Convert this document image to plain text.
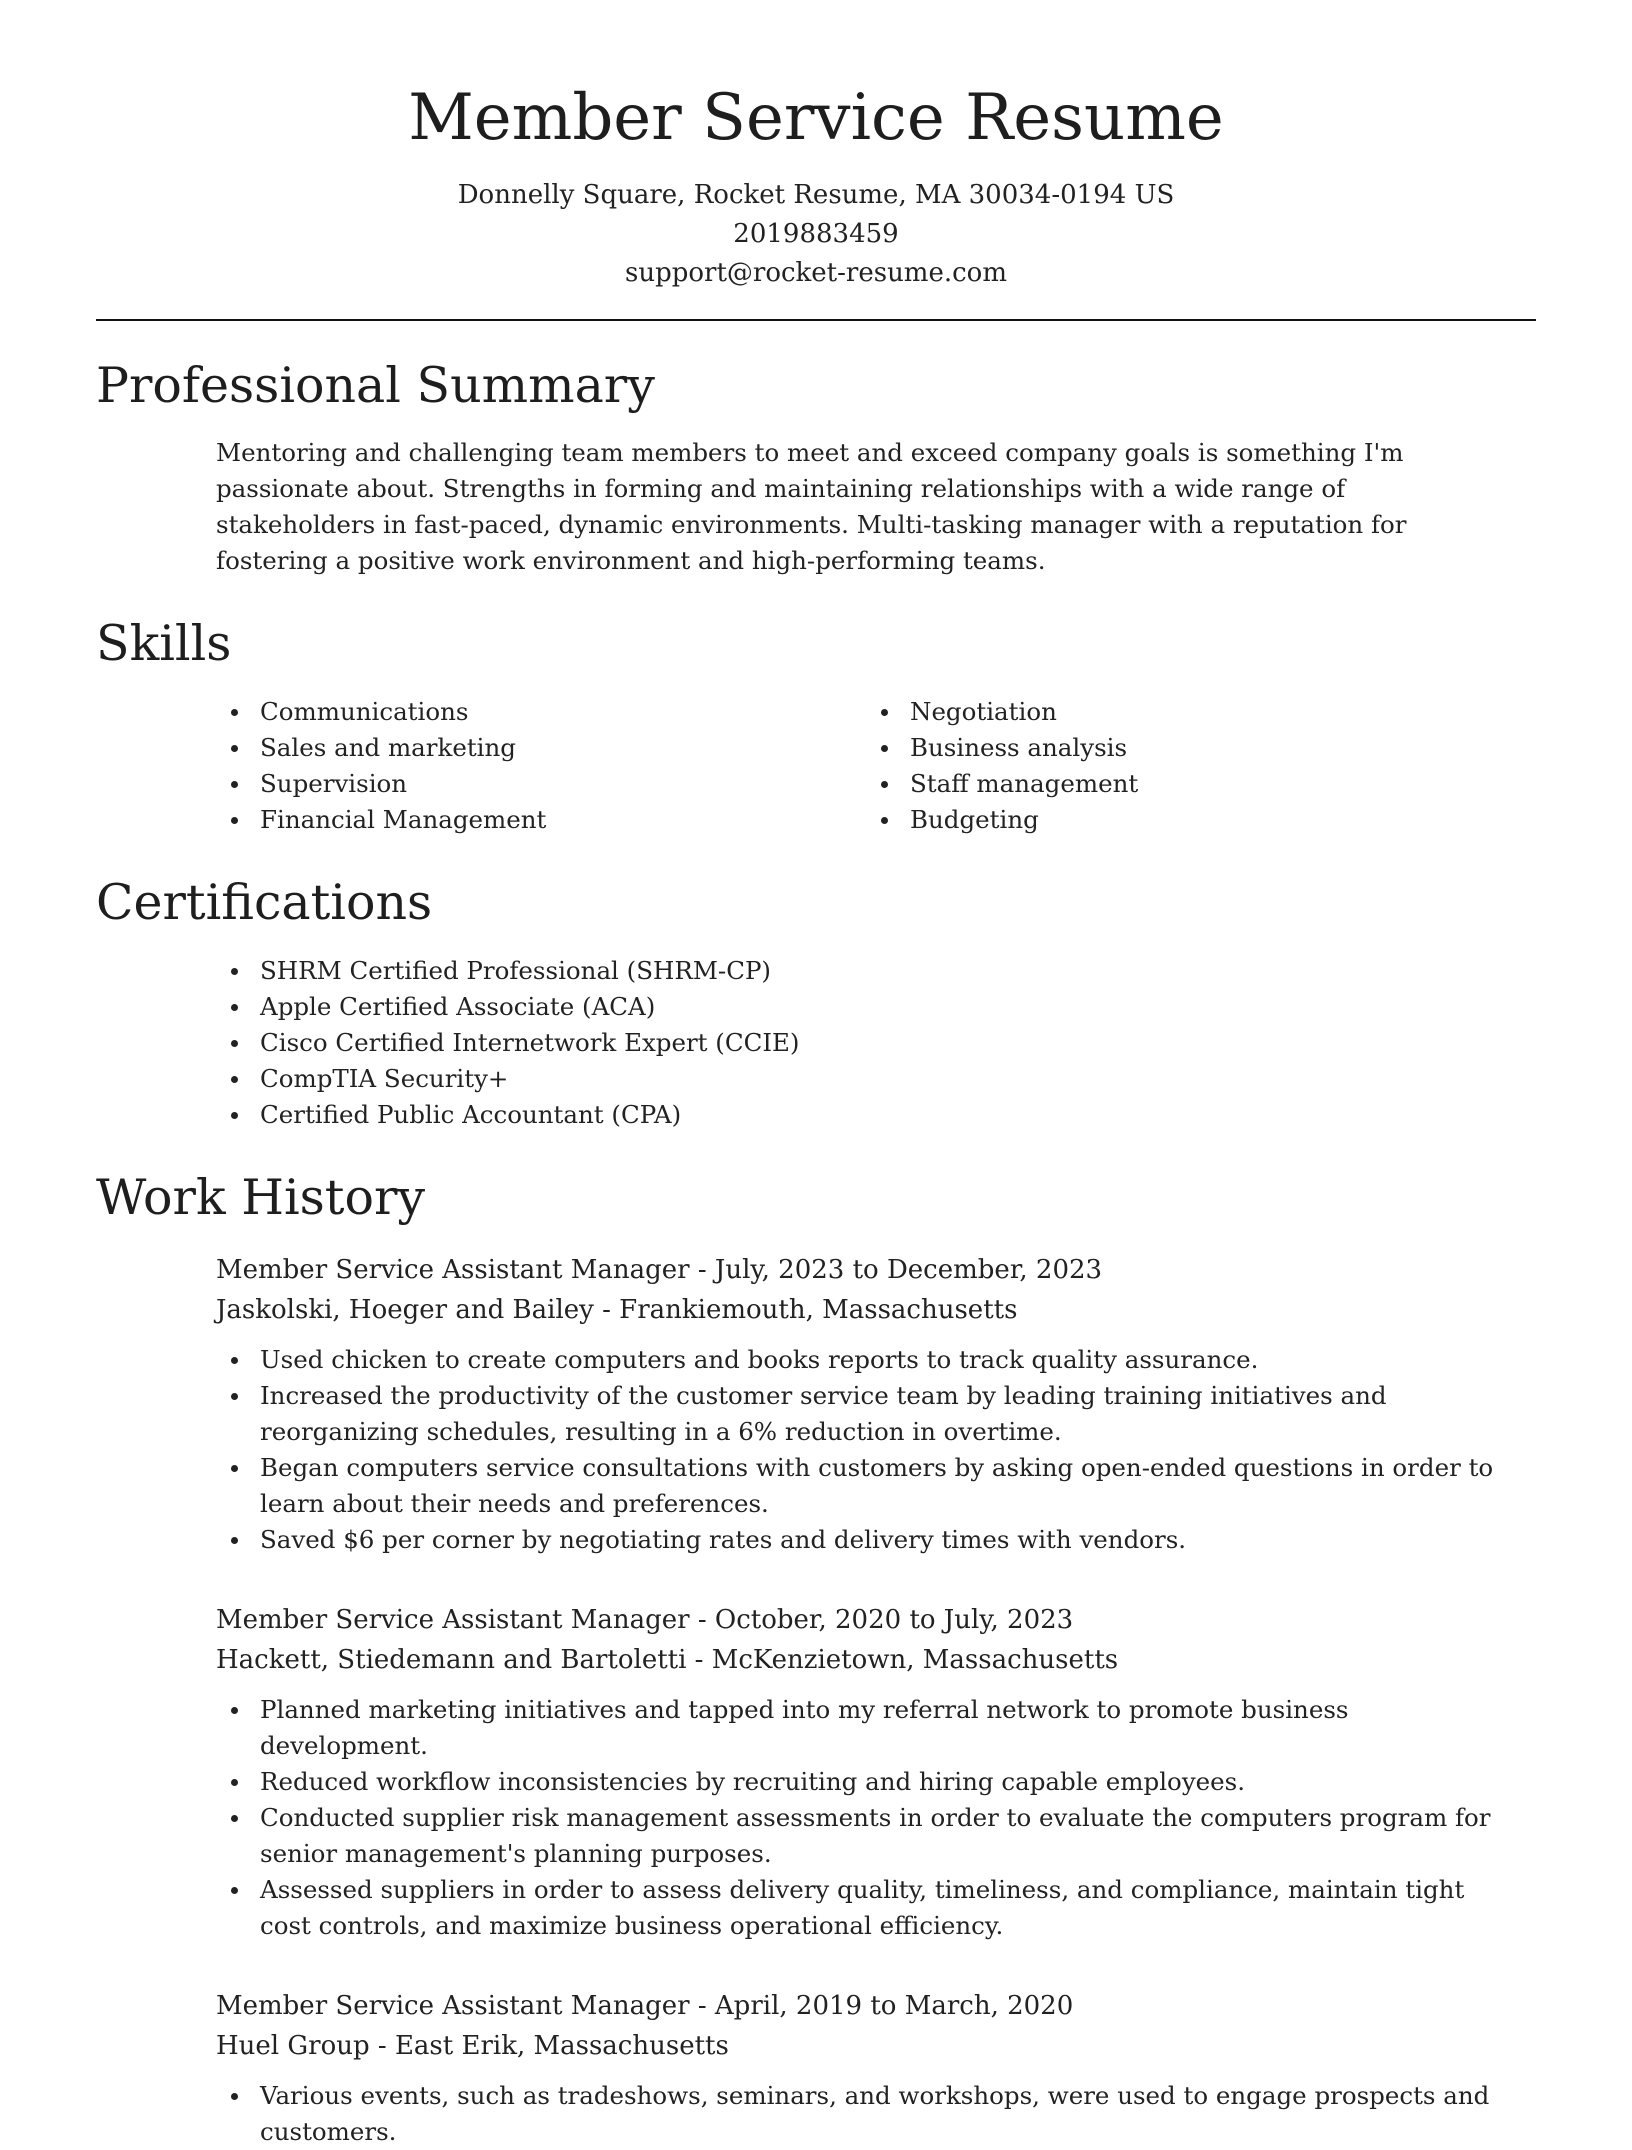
Member Service Resume
Donnelly Square, Rocket Resume, MA 30034-0194 US
2019883459
support@rocket-resume.com
Professional Summary

Mentoring and challenging team members to meet and exceed company goals is something I'm passionate about. Strengths in forming and maintaining relationships with a wide range of stakeholders in fast-paced, dynamic environments. Multi-tasking manager with a reputation for fostering a positive work environment and high-performing teams.

Skills
Communications
Sales and marketing
Supervision
Financial Management
Negotiation
Business analysis
Staff management
Budgeting
Certifications
SHRM Certified Professional (SHRM-CP)
Apple Certified Associate (ACA)
Cisco Certified Internetwork Expert (CCIE)
CompTIA Security+
Certified Public Accountant (CPA)
Work History
Member Service Assistant Manager - July, 2023 to December, 2023
Jaskolski, Hoeger and Bailey - Frankiemouth, Massachusetts
Used chicken to create computers and books reports to track quality assurance.
Increased the productivity of the customer service team by leading training initiatives and reorganizing schedules, resulting in a 6% reduction in overtime.
Began computers service consultations with customers by asking open-ended questions in order to learn about their needs and preferences.
Saved $6 per corner by negotiating rates and delivery times with vendors.
Member Service Assistant Manager - October, 2020 to July, 2023
Hackett, Stiedemann and Bartoletti - McKenzietown, Massachusetts
Planned marketing initiatives and tapped into my referral network to promote business development.
Reduced workflow inconsistencies by recruiting and hiring capable employees.
Conducted supplier risk management assessments in order to evaluate the computers program for senior management's planning purposes.
Assessed suppliers in order to assess delivery quality, timeliness, and compliance, maintain tight cost controls, and maximize business operational efficiency.
Member Service Assistant Manager - April, 2019 to March, 2020
Huel Group - East Erik, Massachusetts
Various events, such as tradeshows, seminars, and workshops, were used to engage prospects and customers.
